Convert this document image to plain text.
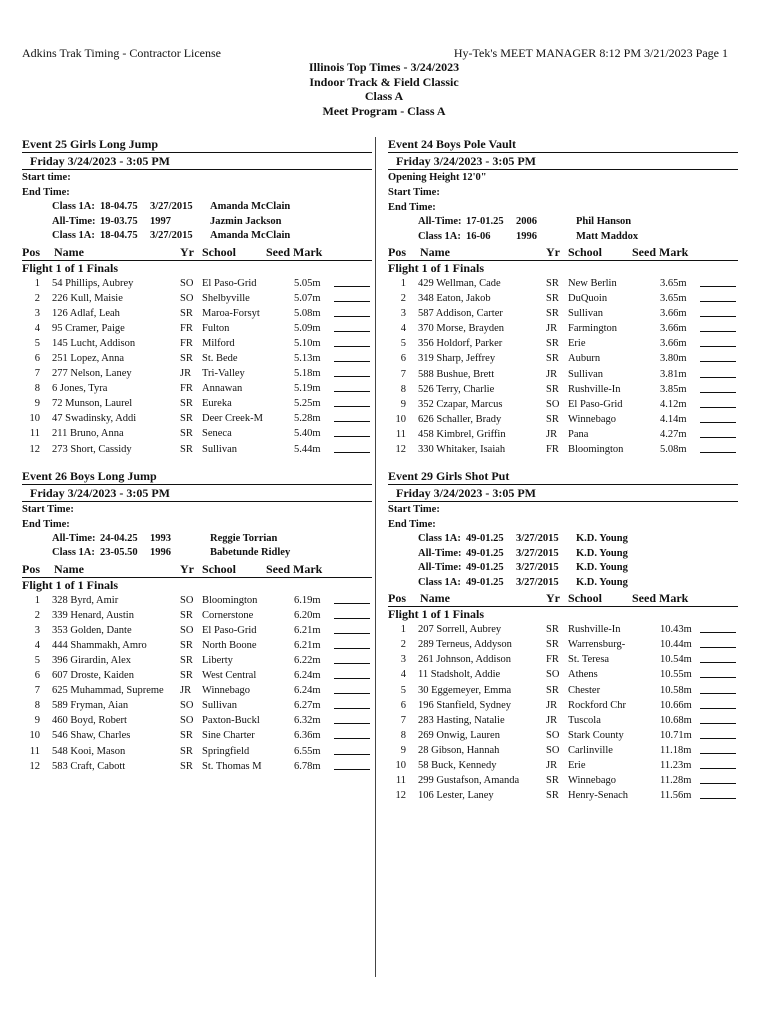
Adkins Trak Timing - Contractor License	Hy-Tek's MEET MANAGER 8:12 PM 3/21/2023 Page 1
Illinois Top Times - 3/24/2023
Indoor Track & Field Classic
Class A
Meet Program - Class A
Event 25 Girls Long Jump
Friday 3/24/2023 - 3:05 PM
Start time:
End Time:
Class 1A: 18-04.75 3/27/2015 Amanda McClain
All-Time: 19-03.75 1997	Jazmin Jackson
Class 1A: 18-04.75 3/27/2015 Amanda McClain
Pos Name	Yr School Seed Mark
Flight 1 of 1 Finals
1 54 Phillips, Aubrey	SO El Paso-Grid	5.05m
2 226 Kull, Maisie	SO Shelbyville	5.07m
3 126 Adlaf, Leah	SR Maroa-Forsyt	5.08m
4 95 Cramer, Paige	FR Fulton	5.09m
5 145 Lucht, Addison	FR Milford	5.10m
6 251 Lopez, Anna	SR St. Bede	5.13m
7 277 Nelson, Laney	JR Tri-Valley	5.18m
8 6 Jones, Tyra	FR Annawan	5.19m
9 72 Munson, Laurel	SR Eureka	5.25m
10 47 Swadinsky, Addi	SR Deer Creek-M	5.28m
11 211 Bruno, Anna	SR Seneca	5.40m
12 273 Short, Cassidy	SR Sullivan	5.44m
Event 26 Boys Long Jump
Friday 3/24/2023 - 3:05 PM
Start Time:
End Time:
All-Time: 24-04.25 1993	Reggie Torrian
Class 1A: 23-05.50 1996	Babetunde Ridley
Pos Name	Yr School Seed Mark
Flight 1 of 1 Finals
1 328 Byrd, Amir	SO Bloomington	6.19m
2 339 Henard, Austin	SR Cornerstone	6.20m
3 353 Golden, Dante	SO El Paso-Grid	6.21m
4 444 Shammakh, Amro	SR North Boone	6.21m
5 396 Girardin, Alex	SR Liberty	6.22m
6 607 Droste, Kaiden	SR West Central	6.24m
7 625 Muhammad, Supreme JR Winnebago	6.24m
8 589 Fryman, Aian	SO Sullivan	6.27m
9 460 Boyd, Robert	SO Paxton-Buckl	6.32m
10 546 Shaw, Charles	SR Sine Charter	6.36m
11 548 Kooi, Mason	SR Springfield	6.55m
12 583 Craft, Cabott	SR St. Thomas M	6.78m
Event 24 Boys Pole Vault
Friday 3/24/2023 - 3:05 PM
Opening Height 12'0"
Start Time:
End Time:
All-Time: 17-01.25 2006	Phil Hanson
Class 1A: 16-06 1996	Matt Maddox
Pos Name	Yr School Seed Mark
Flight 1 of 1 Finals
1 429 Wellman, Cade	SR New Berlin	3.65m
2 348 Eaton, Jakob	SR DuQuoin	3.65m
3 587 Addison, Carter	SR Sullivan	3.66m
4 370 Morse, Brayden	JR Farmington	3.66m
5 356 Holdorf, Parker	SR Erie	3.66m
6 319 Sharp, Jeffrey	SR Auburn	3.80m
7 588 Bushue, Brett	JR Sullivan	3.81m
8 526 Terry, Charlie	SR Rushville-In	3.85m
9 352 Czapar, Marcus	SO El Paso-Grid	4.12m
10 626 Schaller, Brady	SR Winnebago	4.14m
11 458 Kimbrel, Griffin	JR Pana	4.27m
12 330 Whitaker, Isaiah	FR Bloomington	5.08m
Event 29 Girls Shot Put
Friday 3/24/2023 - 3:05 PM
Start Time:
End Time:
Class 1A: 49-01.25 3/27/2015 K.D. Young
All-Time: 49-01.25 3/27/2015 K.D. Young
All-Time: 49-01.25 3/27/2015 K.D. Young
Class 1A: 49-01.25 3/27/2015 K.D. Young
Pos Name	Yr School Seed Mark
Flight 1 of 1 Finals
1 207 Sorrell, Aubrey	SR Rushville-In	10.43m
2 289 Terneus, Addyson	SR Warrensburg-	10.44m
3 261 Johnson, Addison	FR St. Teresa	10.54m
4 11 Stadsholt, Addie	SO Athens	10.55m
5 30 Eggemeyer, Emma	SR Chester	10.58m
6 196 Stanfield, Sydney	JR Rockford Chr	10.66m
7 283 Hasting, Natalie	JR Tuscola	10.68m
8 269 Onwig, Lauren	SO Stark County	10.71m
9 28 Gibson, Hannah	SO Carlinville	11.18m
10 58 Buck, Kennedy	JR Erie	11.23m
11 299 Gustafson, Amanda	SR Winnebago	11.28m
12 106 Lester, Laney	SR Henry-Senach	11.56m
